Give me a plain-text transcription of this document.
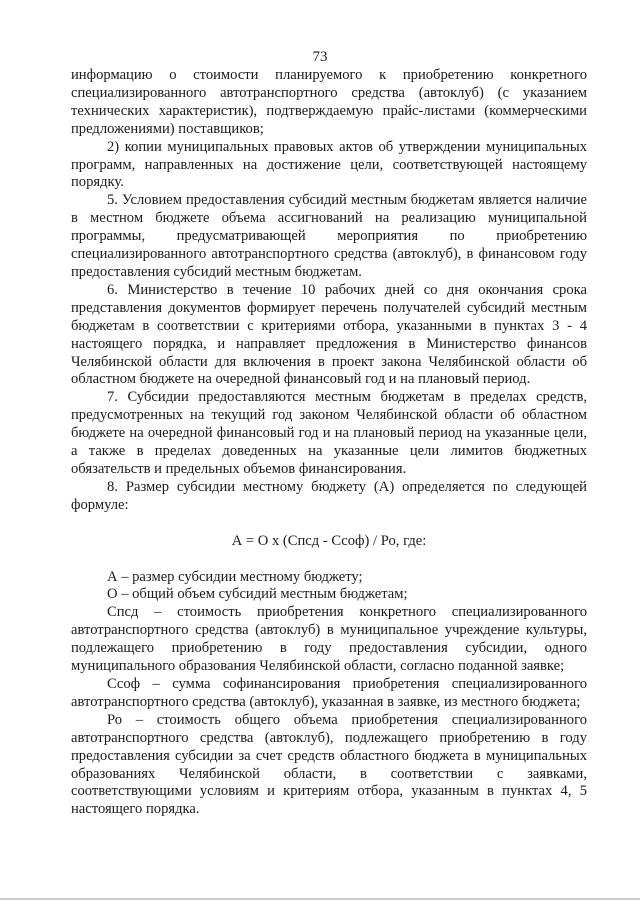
73

информацию о стоимости планируемого к приобретению конкретного специализированного автотранспортного средства (автоклуб) (с указанием технических характеристик), подтверждаемую прайс-листами (коммерческими предложениями) поставщиков;

2) копии муниципальных правовых актов об утверждении муниципальных программ, направленных на достижение цели, соответствующей настоящему порядку.

5. Условием предоставления субсидий местным бюджетам является наличие в местном бюджете объема ассигнований на реализацию муниципальной программы, предусматривающей мероприятия по приобретению специализированного автотранспортного средства (автоклуб), в финансовом году предоставления субсидий местным бюджетам.

6. Министерство в течение 10 рабочих дней со дня окончания срока представления документов формирует перечень получателей субсидий местным бюджетам в соответствии с критериями отбора, указанными в пунктах 3 - 4 настоящего порядка, и направляет предложения в Министерство финансов Челябинской области для включения в проект закона Челябинской области об областном бюджете на очередной финансовый год и на плановый период.

7. Субсидии предоставляются местным бюджетам в пределах средств, предусмотренных на текущий год законом Челябинской области об областном бюджете на очередной финансовый год и на плановый период на указанные цели, а также в пределах доведенных на указанные цели лимитов бюджетных обязательств и предельных объемов финансирования.

8. Размер субсидии местному бюджету (А) определяется по следующей формуле:

А = О х (Спсд - Ссоф) / Ро, где:

А – размер субсидии местному бюджету;

О – общий объем субсидий местным бюджетам;

Спсд – стоимость приобретения конкретного специализированного автотранспортного средства (автоклуб) в муниципальное учреждение культуры, подлежащего приобретению в году предоставления субсидии, одного муниципального образования Челябинской области, согласно поданной заявке;

Ссоф – сумма софинансирования приобретения специализированного автотранспортного средства (автоклуб), указанная в заявке, из местного бюджета;

Ро – стоимость общего объема приобретения специализированного автотранспортного средства (автоклуб), подлежащего приобретению в году предоставления субсидии за счет средств областного бюджета в муниципальных образованиях Челябинской области, в соответствии с заявками, соответствующими условиям и критериям отбора, указанным в пунктах 4, 5 настоящего порядка.
